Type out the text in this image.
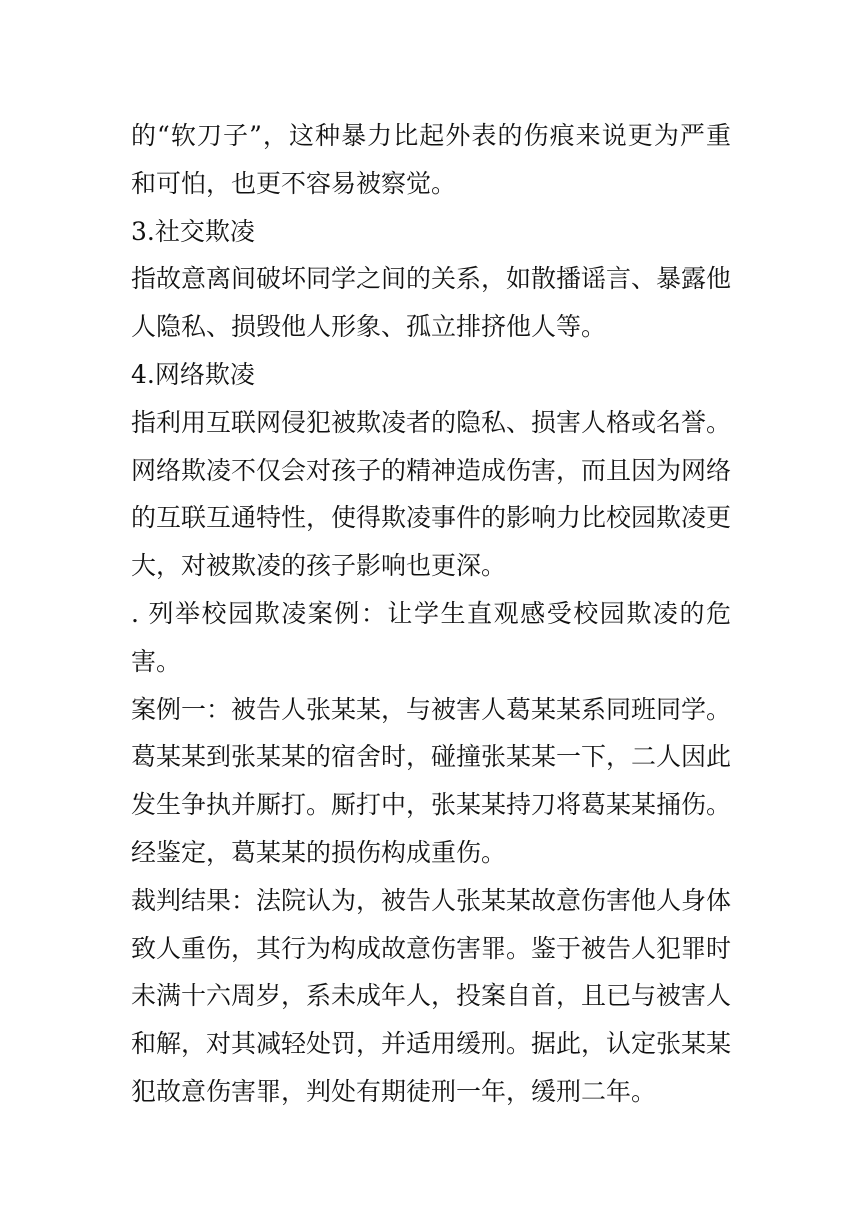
的“软刀子”，这种暴力比起外表的伤痕来说更为严重和可怕，也更不容易被察觉。

3.社交欺凌

指故意离间破坏同学之间的关系，如散播谣言、暴露他人隐私、损毁他人形象、孤立排挤他人等。

4.网络欺凌

指利用互联网侵犯被欺凌者的隐私、损害人格或名誉。网络欺凌不仅会对孩子的精神造成伤害，而且因为网络的互联互通特性，使得欺凌事件的影响力比校园欺凌更大，对被欺凌的孩子影响也更深。

. 列举校园欺凌案例：让学生直观感受校园欺凌的危害。

案例一：被告人张某某，与被害人葛某某系同班同学。葛某某到张某某的宿舍时，碰撞张某某一下，二人因此发生争执并厮打。厮打中，张某某持刀将葛某某捅伤。经鉴定，葛某某的损伤构成重伤。

裁判结果：法院认为，被告人张某某故意伤害他人身体致人重伤，其行为构成故意伤害罪。鉴于被告人犯罪时未满十六周岁，系未成年人，投案自首，且已与被害人和解，对其减轻处罚，并适用缓刑。据此，认定张某某犯故意伤害罪，判处有期徒刑一年，缓刑二年。
